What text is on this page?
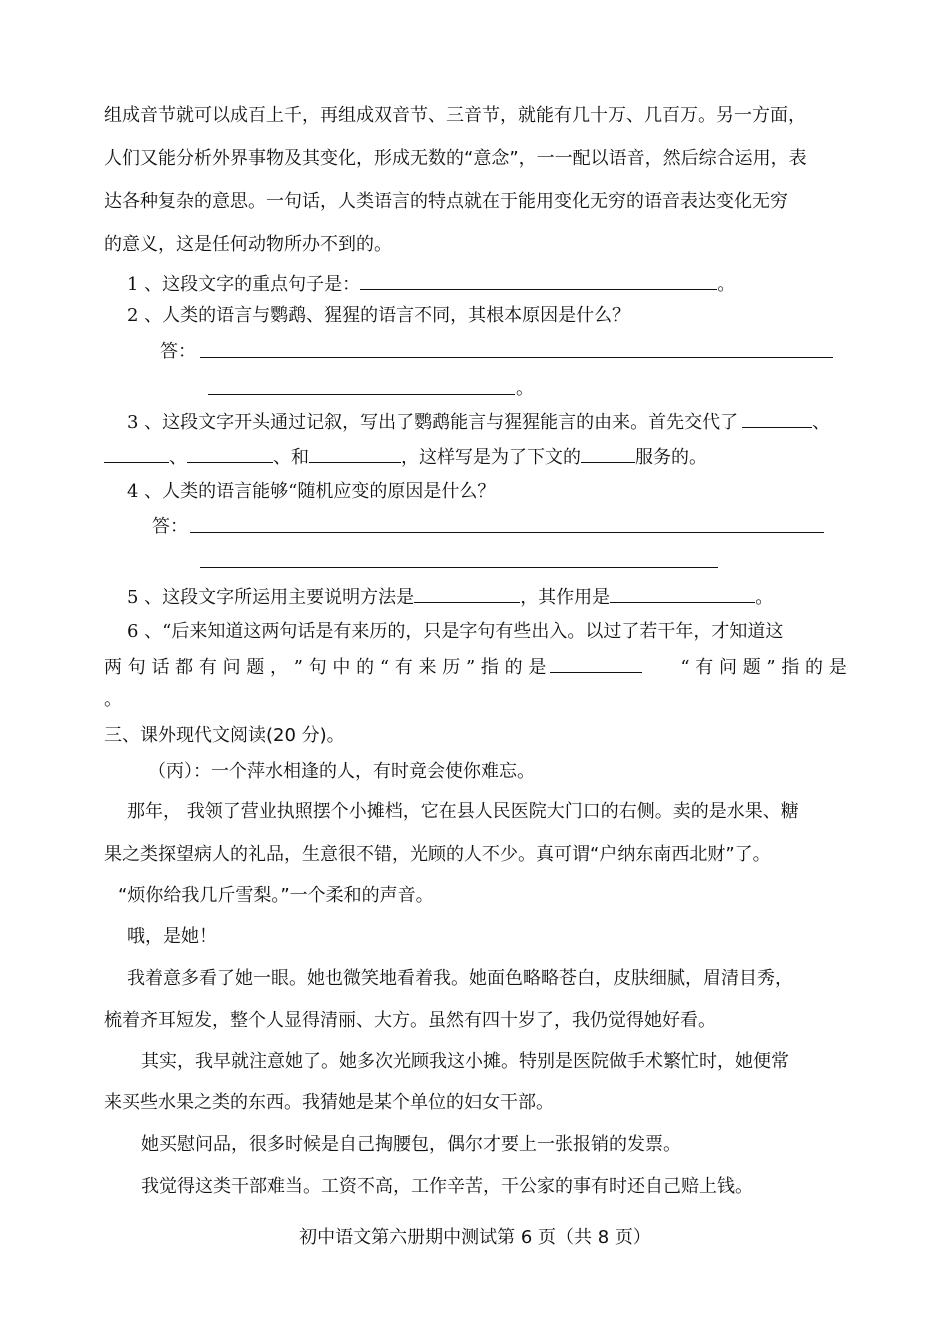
组成音节就可以成百上千，再组成双音节、三音节，就能有几十万、几百万。另一方面，
人们又能分析外界事物及其变化，形成无数的“意念”，一一配以语音，然后综合运用，表
达各种复杂的意思。一句话，人类语言的特点就在于能用变化无穷的语音表达变化无穷
的意义，这是任何动物所办不到的。
1 、这段文字的重点句子是：	。
2 、人类的语言与鹦鹉、猩猩的语言不同，其根本原因是什么？
答：
。
3 、这段文字开头通过记叙，写出了鹦鹉能言与猩猩能言的由来。首先交代了	、
、	、和	，这样写是为了下文的	服务的。
4 、人类的语言能够“随机应变的原因是什么？
答：
5 、这段文字所运用主要说明方法是	，其作用是	。
6 、“后来知道这两句话是有来历的，只是字句有些出入。以过了若干年，才知道这
两 句 话 都 有 问 题 ， ” 句 中 的 “ 有 来 历 ” 指 的 是	“ 有 问 题 ” 指 的 是
。
三、课外现代文阅读(20 分)。
（丙）：一个萍水相逢的人，有时竟会使你难忘。
那年， 我领了营业执照摆个小摊档，它在县人民医院大门口的右侧。卖的是水果、糖
果之类探望病人的礼品，生意很不错，光顾的人不少。真可谓“户纳东南西北财”了。
“烦你给我几斤雪梨。”一个柔和的声音。
哦，是她！
我着意多看了她一眼。她也微笑地看着我。她面色略略苍白，皮肤细腻，眉清目秀，
梳着齐耳短发，整个人显得清丽、大方。虽然有四十岁了，我仍觉得她好看。
其实，我早就注意她了。她多次光顾我这小摊。特别是医院做手术繁忙时，她便常
来买些水果之类的东西。我猜她是某个单位的妇女干部。
她买慰问品，很多时候是自己掏腰包，偶尔才要上一张报销的发票。
我觉得这类干部难当。工资不高，工作辛苦，干公家的事有时还自己赔上钱。
初中语文第六册期中测试第 6 页（共 8 页）
